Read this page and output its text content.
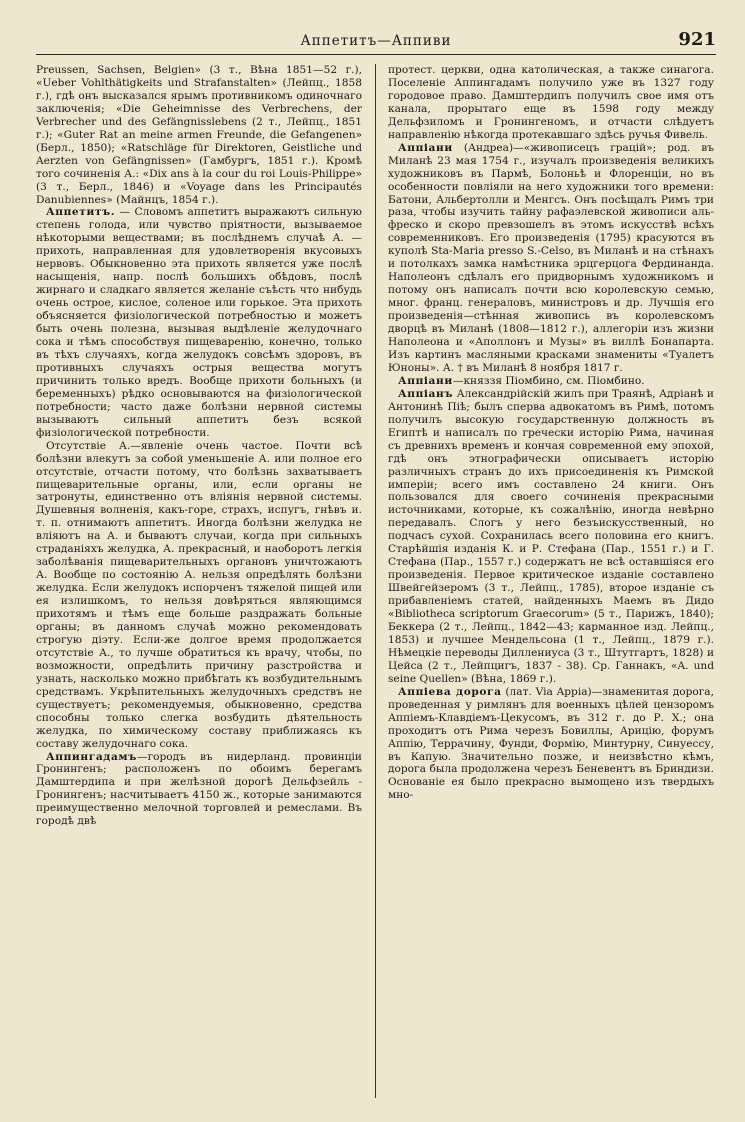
Аппетитъ—Аппиви	921

Preussen, Sachsen, Belgien» (3 т., Вѣна 1851—52 г.), «Ueber Vohlthätigkeits und Strafanstalten» (Лейпц., 1858 г.), гдѣ онъ высказался ярымъ противникомъ одиночнаго заключенія; «Die Geheimnisse des Verbrechens, der Verbrecher und des Gefängnisslebens (2 т., Лейпц., 1851 г.); «Guter Rat an meine armen Freunde, die Gefangenen» (Берл., 1850); «Ratschläge für Direktoren, Geistliche und Aerzten von Gefängnissen» (Гамбургъ, 1851 г.). Кромѣ того сочиненія А.: «Dix ans à la cour du roi Louis-Philippe» (3 т., Берл., 1846) и «Voyage dans les Principautés Danubiennes» (Майнцъ, 1854 г.).

Аппетитъ. — Словомъ аппетитъ выражаютъ сильную степень голода, или чувство пріятности, вызываемое нѣкоторыми веществами; въ послѣднемъ случаѣ А. — прихоть, направленная для удовлетворенія вкусовыхъ нервовъ. Обыкновенно эта прихоть является уже послѣ насыщенія, напр. послѣ большихъ обѣдовъ, послѣ жирнаго и сладкаго является желаніе съѣсть что нибудь очень острое, кислое, соленое или горькое. Эта прихоть объясняется физіологической потребностью и можетъ быть очень полезна, вызывая выдѣленіе желудочнаго сока и тѣмъ способствуя пищеваренію, конечно, только въ тѣхъ случаяхъ, когда желудокъ совсѣмъ здоровъ, въ противныхъ случаяхъ острыя вещества могутъ причинить только вредъ. Вообще прихоти больныхъ (и беременныхъ) рѣдко основываются на физіологической потребности; часто даже болѣзни нервной системы вызываютъ сильный аппетитъ безъ всякой физіологической потребности.

Отсутствіе А.—явленіе очень частое. Почти всѣ болѣзни влекутъ за собой уменьшеніе А. или полное его отсутствіе, отчасти потому, что болѣзнь захватываетъ пищеварительные органы, или, если органы не затронуты, единственно отъ вліянія нервной системы. Душевныя волненія, какъ-горе, страхъ, испугъ, гнѣвъ и. т. п. отнимаютъ аппетитъ. Иногда болѣзни желудка не вліяютъ на А. и бываютъ случаи, когда при сильныхъ страданіяхъ желудка, А. прекрасный, и наоборотъ легкія заболѣванія пищеварительныхъ органовъ уничтожаютъ А. Вообще по состоянію А. нельзя опредѣлять болѣзни желудка. Если желудокъ испорченъ тяжелой пищей или ея излишкомъ, то нельзя довѣряться являющимся прихотямъ и тѣмъ еще больше раздражать больные органы; въ данномъ случаѣ можно рекомендовать строгую діэту. Если-же долгое время продолжается отсутствіе А., то лучше обратиться къ врачу, чтобы, по возможности, опредѣлить причину разстройства и узнать, насколько можно прибѣгать къ возбудительнымъ средствамъ. Укрѣпительныхъ желудочныхъ средствъ не существуетъ; рекомендуемыя, обыкновенно, средства способны только слегка возбудить дѣятельность желудка, по химическому составу приближаясь къ составу желудочнаго сока.

Аппингадамъ—городъ въ нидерланд. провинціи Гронингенъ; расположенъ по обоимъ берегамъ Дамштердипа и при желѣзной дорогѣ Дельфзейль - Гронингенъ; насчитываетъ 4150 ж., которые занимаются преимущественно мелочной торговлей и ремеслами. Въ городѣ двѣ

протест. церкви, одна католическая, а также синагога. Поселеніе Аппингадамъ получило уже въ 1327 году городовое право. Дамштердипъ получилъ свое имя отъ канала, прорытаго еще въ 1598 году между Дельфзиломъ и Гронингеномъ, и отчасти слѣдуетъ направленію нѣкогда протекавшаго здѣсь ручья Фивель.

Аппіани (Андреа)—«живописецъ грацій»; род. въ Миланѣ 23 мая 1754 г., изучалъ произведенія великихъ художниковъ въ Пармѣ, Болоньѣ и Флоренціи, но въ особенности повліяли на него художники того времени: Батони, Альбертолли и Менгсъ. Онъ посѣщалъ Римъ три раза, чтобы изучить тайну рафаэлевской живописи аль-фреско и скоро превзошелъ въ этомъ искусствѣ всѣхъ современниковъ. Его произведенія (1795) красуются въ куполѣ Sta-Maria presso S.-Celso, въ Миланѣ и на стѣнахъ и потолкахъ замка намѣстника эрцгерцога Фердинанда. Наполеонъ сдѣлалъ его придворнымъ художникомъ и потому онъ написалъ почти всю королевскую семью, мног. франц. генераловъ, министровъ и др. Лучшія его произведенія—стѣнная живопись въ королевскомъ дворцѣ въ Миланѣ (1808—1812 г.), аллегоріи изъ жизни Наполеона и «Аполлонъ и Музы» въ виллѣ Бонапарта. Изъ картинъ масляными красками знамениты «Туалетъ Юноны». А. † въ Миланѣ 8 ноября 1817 г.

Аппіани—княззя Піомбино, см. Піомбино.

Аппіанъ Александрійскій жилъ при Траянѣ, Адріанѣ и Антонинѣ Піѣ; былъ сперва адвокатомъ въ Римѣ, потомъ получилъ высокую государственную должность въ Египтѣ и написалъ по гречески исторію Рима, начиная съ древнихъ временъ и кончая современной ему эпохой, гдѣ онъ этнографически описываетъ исторію различныхъ странъ до ихъ присоединенія къ Римской имперіи; всего имъ составлено 24 книги. Онъ пользовался для своего сочиненія прекрасными источниками, которые, къ сожалѣнію, иногда невѣрно передавалъ. Слогъ у него безъискусственный, но подчасъ сухой. Сохранилась всего половина его книгъ. Старѣйшія изданія К. и Р. Стефана (Пар., 1551 г.) и Г. Стефана (Пар., 1557 г.) содержатъ не всѣ оставшіяся его произведенія. Первое критическое изданіе составлено Швейгейзеромъ (3 т., Лейпц., 1785), второе изданіе съ прибавленіемъ статей, найденныхъ Маемъ въ Дидо «Bibliotheca scriptorum Graecorum» (5 т., Парижъ, 1840); Беккера (2 т., Лейпц., 1842—43; карманное изд. Лейпц., 1853) и лучшее Мендельсона (1 т., Лейпц., 1879 г.). Нѣмецкіе переводы Диллениуса (3 т., Штутгартъ, 1828) и Цейса (2 т., Лейпцигъ, 1837 - 38). Ср. Ганнакъ, «A. und seine Quellen» (Вѣна, 1869 г.).

Аппіева дорога (лат. Via Appia)—знаменитая дорога, проведенная у римлянъ для военныхъ цѣлей цензоромъ Аппіемъ-Клавдіемъ-Цекусомъ, въ 312 г. до Р. Х.; она проходитъ отъ Рима черезъ Бовиллы, Арицію, форумъ Аппію, Террачину, Фунди, Формію, Минтурну, Синуессу, въ Капую. Значительно позже, и неизвѣстно кѣмъ, дорога была продолжена черезъ Беневентъ въ Бриндизи. Основаніе ея было прекрасно вымощено изъ твердыхъ мно-
